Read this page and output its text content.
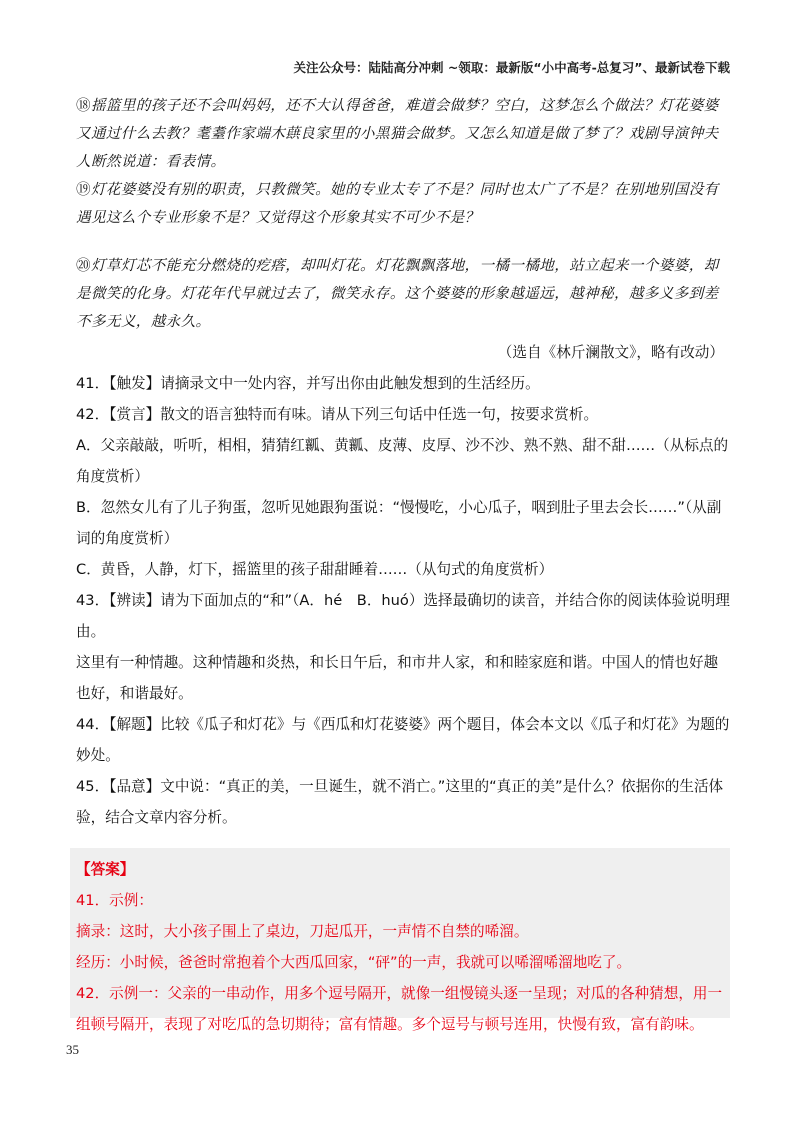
关注公众号：陆陆高分冲刺 ~领取：最新版“小中高考-总复习”、最新试卷下载

⑱摇篮里的孩子还不会叫妈妈，还不大认得爸爸，难道会做梦？空白，这梦怎么个做法？灯花婆婆又通过什么去教？耄耋作家端木蕻良家里的小黑猫会做梦。又怎么知道是做了梦了？戏剧导演钟夫人断然说道：看表情。

⑲灯花婆婆没有别的职责，只教微笑。她的专业太专了不是？同时也太广了不是？在别地别国没有遇见这么个专业形象不是？又觉得这个形象其实不可少不是？

⑳灯草灯芯不能充分燃烧的疙瘩，却叫灯花。灯花飘飘落地，一橘一橘地，站立起来一个婆婆，却是微笑的化身。灯花年代早就过去了，微笑永存。这个婆婆的形象越遥远，越神秘，越多义多到差不多无义，越永久。

（选自《林斤澜散文》，略有改动）

41．【触发】请摘录文中一处内容，并写出你由此触发想到的生活经历。

42．【赏言】散文的语言独特而有味。请从下列三句话中任选一句，按要求赏析。

A．父亲敲敲，听听，相相，猜猜红瓤、黄瓤、皮薄、皮厚、沙不沙、熟不熟、甜不甜……（从标点的角度赏析）

B．忽然女儿有了儿子狗蛋，忽听见她跟狗蛋说：“慢慢吃，小心瓜子，咽到肚子里去会长……”（从副词的角度赏析）

C．黄昏，人静，灯下，摇篮里的孩子甜甜睡着……（从句式的角度赏析）

43．【辨读】请为下面加点的“和”（A．hé　B．huó）选择最确切的读音，并结合你的阅读体验说明理由。

这里有一种情趣。这种情趣和炎热，和长日午后，和市井人家，和和睦家庭和谐。中国人的情也好趣也好，和谐最好。

44．【解题】比较《瓜子和灯花》与《西瓜和灯花婆婆》两个题目，体会本文以《瓜子和灯花》为题的妙处。

45．【品意】文中说：“真正的美，一旦诞生，就不消亡。”这里的“真正的美”是什么？依据你的生活体验，结合文章内容分析。

【答案】

41．示例：

摘录：这时，大小孩子围上了桌边，刀起瓜开，一声情不自禁的唏溜。

经历：小时候，爸爸时常抱着个大西瓜回家，“砰”的一声，我就可以唏溜唏溜地吃了。

42．示例一：父亲的一串动作，用多个逗号隔开，就像一组慢镜头逐一呈现；对瓜的各种猜想，用一组顿号隔开，表现了对吃瓜的急切期待；富有情趣。多个逗号与顿号连用，快慢有致，富有韵味。

35
